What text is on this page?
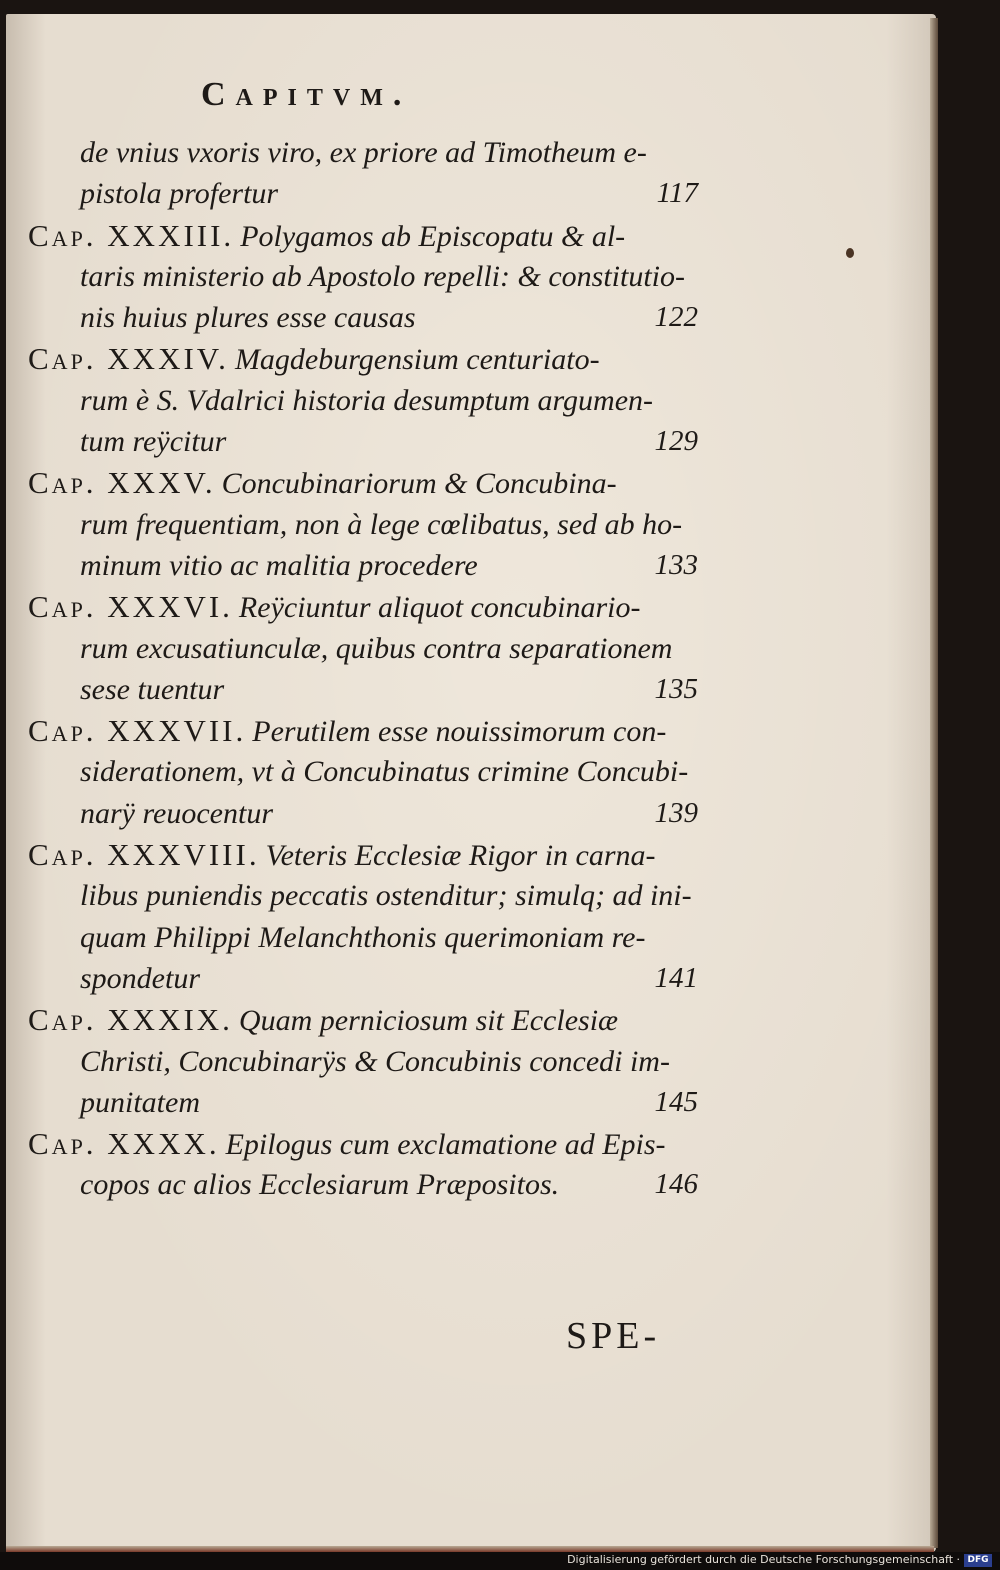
Capitvm.
de vnius vxoris viro, ex priore ad Timotheum e-
pistola profertur	117
Cap. XXXIII. Polygamos ab Episcopatu & al-
taris ministerio ab Apostolo repelli: & constitutio-
nis huius plures esse causas	122
Cap. XXXIV. Magdeburgensium centuriato-
rum è S. Vdalrici historia desumptum argumen-
tum reÿcitur	129
Cap. XXXV. Concubinariorum & Concubina-
rum frequentiam, non à lege cœlibatus, sed ab ho-
minum vitio ac malitia procedere	133
Cap. XXXVI. Reÿciuntur aliquot concubinario-
rum excusatiunculæ, quibus contra separationem
sese tuentur	135
Cap. XXXVII. Perutilem esse nouissimorum con-
siderationem, vt à Concubinatus crimine Concubi-
narÿ reuocentur	139
Cap. XXXVIII. Veteris Ecclesiæ Rigor in carna-
libus puniendis peccatis ostenditur; simulq; ad ini-
quam Philippi Melanchthonis querimoniam re-
spondetur	141
Cap. XXXIX. Quam perniciosum sit Ecclesiæ
Christi, Concubinarÿs & Concubinis concedi im-
punitatem	145
Cap. XXXX. Epilogus cum exclamatione ad Epis-
copos ac alios Ecclesiarum Præpositos.	146
SPE-
Digitalisierung gefördert durch die Deutsche Forschungsgemeinschaft · DFG
